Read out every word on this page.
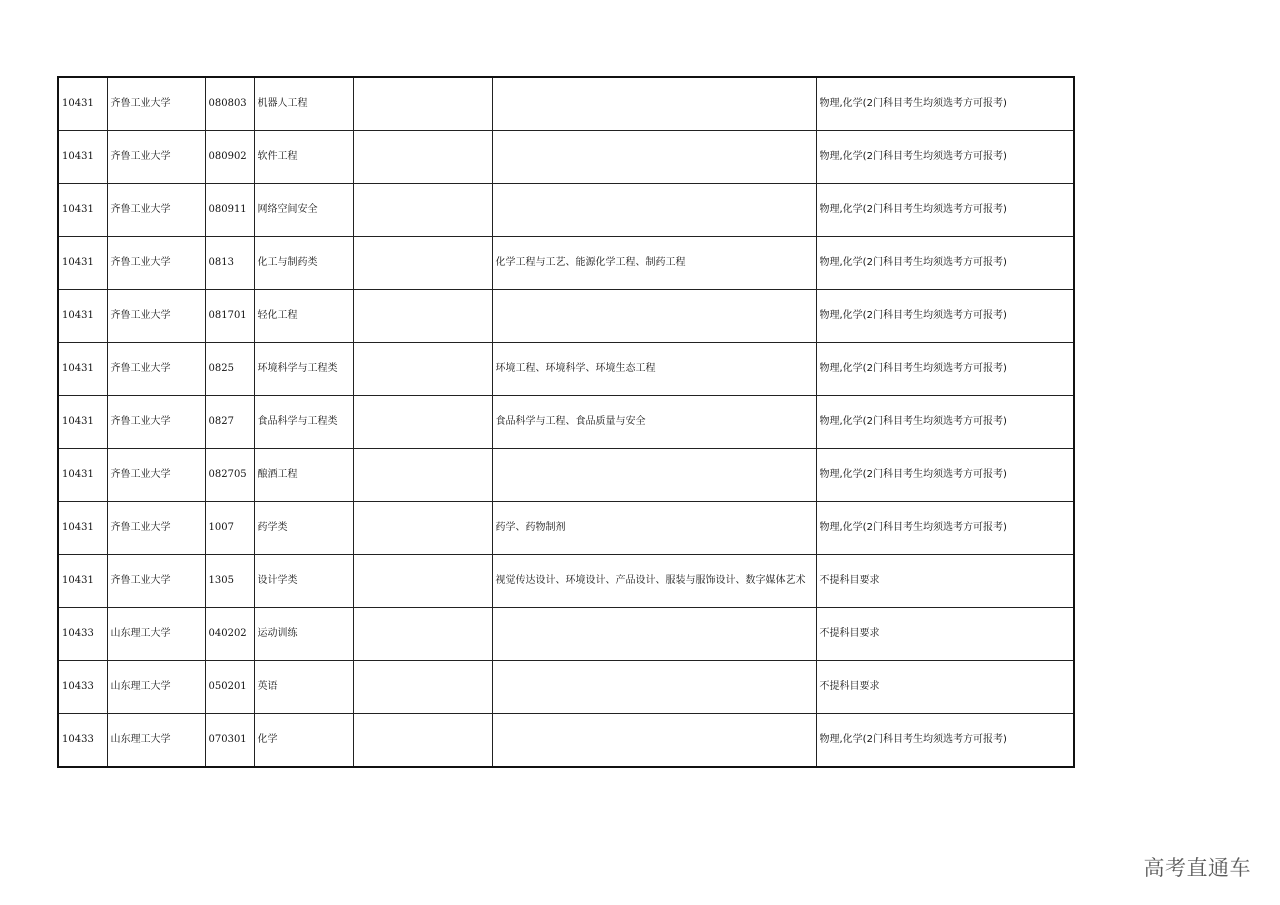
10431	齐鲁工业大学	080803	机器人工程			物理,化学(2门科目考生均须选考方可报考)
10431	齐鲁工业大学	080902	软件工程			物理,化学(2门科目考生均须选考方可报考)
10431	齐鲁工业大学	080911	网络空间安全			物理,化学(2门科目考生均须选考方可报考)
10431	齐鲁工业大学	0813	化工与制药类		化学工程与工艺、能源化学工程、制药工程	物理,化学(2门科目考生均须选考方可报考)
10431	齐鲁工业大学	081701	轻化工程			物理,化学(2门科目考生均须选考方可报考)
10431	齐鲁工业大学	0825	环境科学与工程类		环境工程、环境科学、环境生态工程	物理,化学(2门科目考生均须选考方可报考)
10431	齐鲁工业大学	0827	食品科学与工程类		食品科学与工程、食品质量与安全	物理,化学(2门科目考生均须选考方可报考)
10431	齐鲁工业大学	082705	酿酒工程			物理,化学(2门科目考生均须选考方可报考)
10431	齐鲁工业大学	1007	药学类		药学、药物制剂	物理,化学(2门科目考生均须选考方可报考)
10431	齐鲁工业大学	1305	设计学类		视觉传达设计、环境设计、产品设计、服装与服饰设计、数字媒体艺术	不提科目要求
10433	山东理工大学	040202	运动训练			不提科目要求
10433	山东理工大学	050201	英语			不提科目要求
10433	山东理工大学	070301	化学			物理,化学(2门科目考生均须选考方可报考)
高考直通车
